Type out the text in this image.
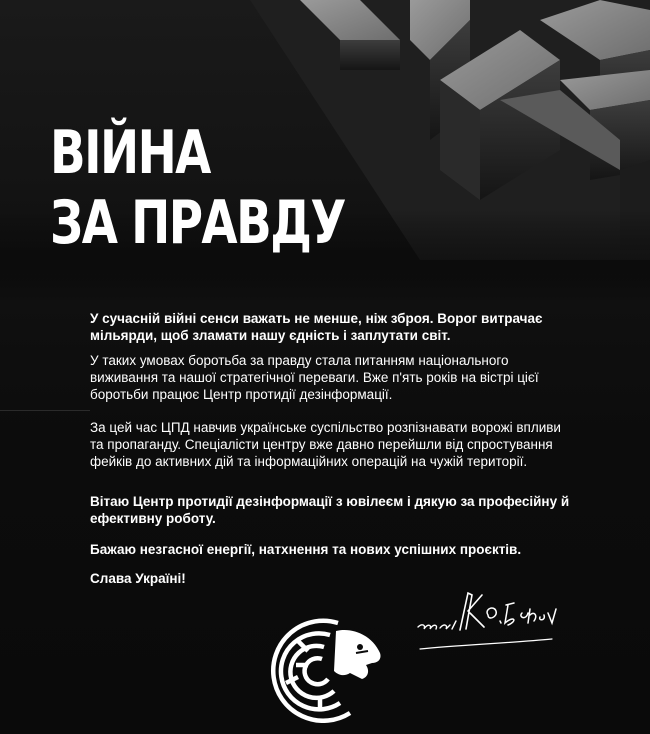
ВІЙНА
ЗА ПРАВДУ

У сучасній війні сенси важать не менше, ніж зброя. Ворог витрачає мільярди, щоб зламати нашу єдність і заплутати світ.

У таких умовах боротьба за правду стала питанням національного виживання та нашої стратегічної переваги. Вже п'ять років на вістрі цієї боротьби працює Центр протидії дезінформації.

За цей час ЦПД навчив українське суспільство розпізнавати ворожі впливи та пропаганду. Спеціалісти центру вже давно перейшли від спростування фейків до активних дій та інформаційних операцій на чужій території.

Вітаю Центр протидії дезінформації з ювілеєм і дякую за професійну й ефективну роботу.

Бажаю незгасної енергії, натхнення та нових успішних проєктів.

Слава Україні!
